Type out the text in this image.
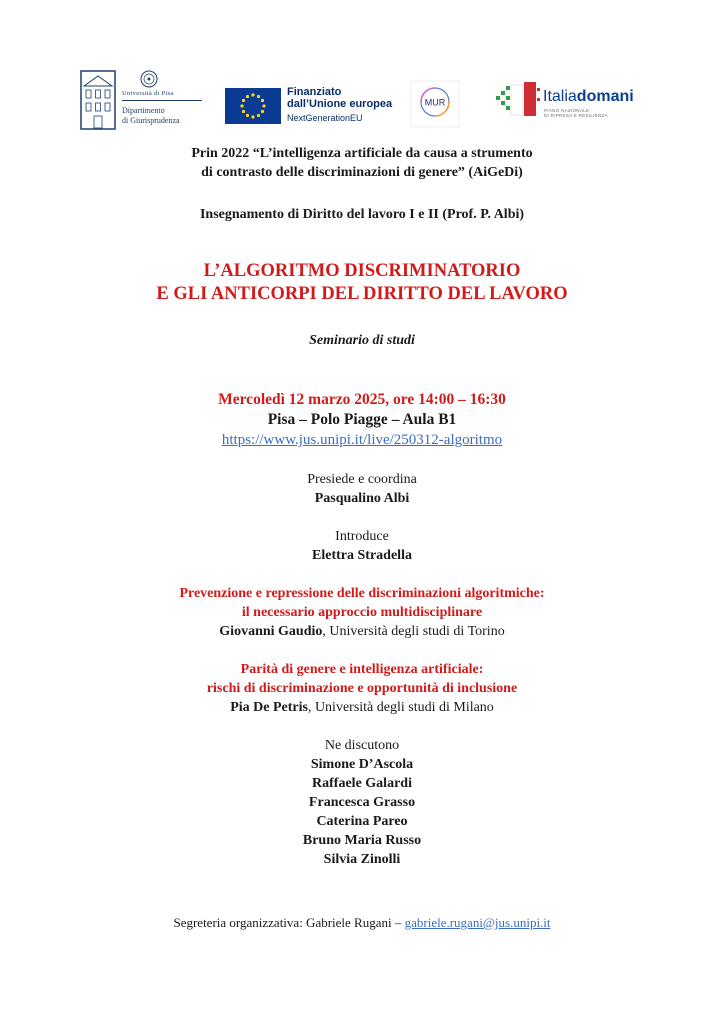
Università di Pisa
Dipartimento
di Giurisprudenza
Finanziato
dall’Unione europea
NextGenerationEU
MUR	Italiadomani
PIANO NAZIONALE
DI RIPRESA E RESILIENZA
Prin 2022 “L’intelligenza artificiale da causa a strumento
di contrasto delle discriminazioni di genere” (AiGeDi)
Insegnamento di Diritto del lavoro I e II (Prof. P. Albi)
L’ALGORITMO DISCRIMINATORIO
E GLI ANTICORPI DEL DIRITTO DEL LAVORO
Seminario di studi
Mercoledì 12 marzo 2025, ore 14:00 – 16:30
Pisa – Polo Piagge – Aula B1
https://www.jus.unipi.it/live/250312-algoritmo
Presiede e coordina
Pasqualino Albi
Introduce
Elettra Stradella
Prevenzione e repressione delle discriminazioni algoritmiche:
il necessario approccio multidisciplinare
Giovanni Gaudio, Università degli studi di Torino
Parità di genere e intelligenza artificiale:
rischi di discriminazione e opportunità di inclusione
Pia De Petris, Università degli studi di Milano
Ne discutono
Simone D’Ascola
Raffaele Galardi
Francesca Grasso
Caterina Pareo
Bruno Maria Russo
Silvia Zinolli
Segreteria organizzativa: Gabriele Rugani – gabriele.rugani@jus.unipi.it
